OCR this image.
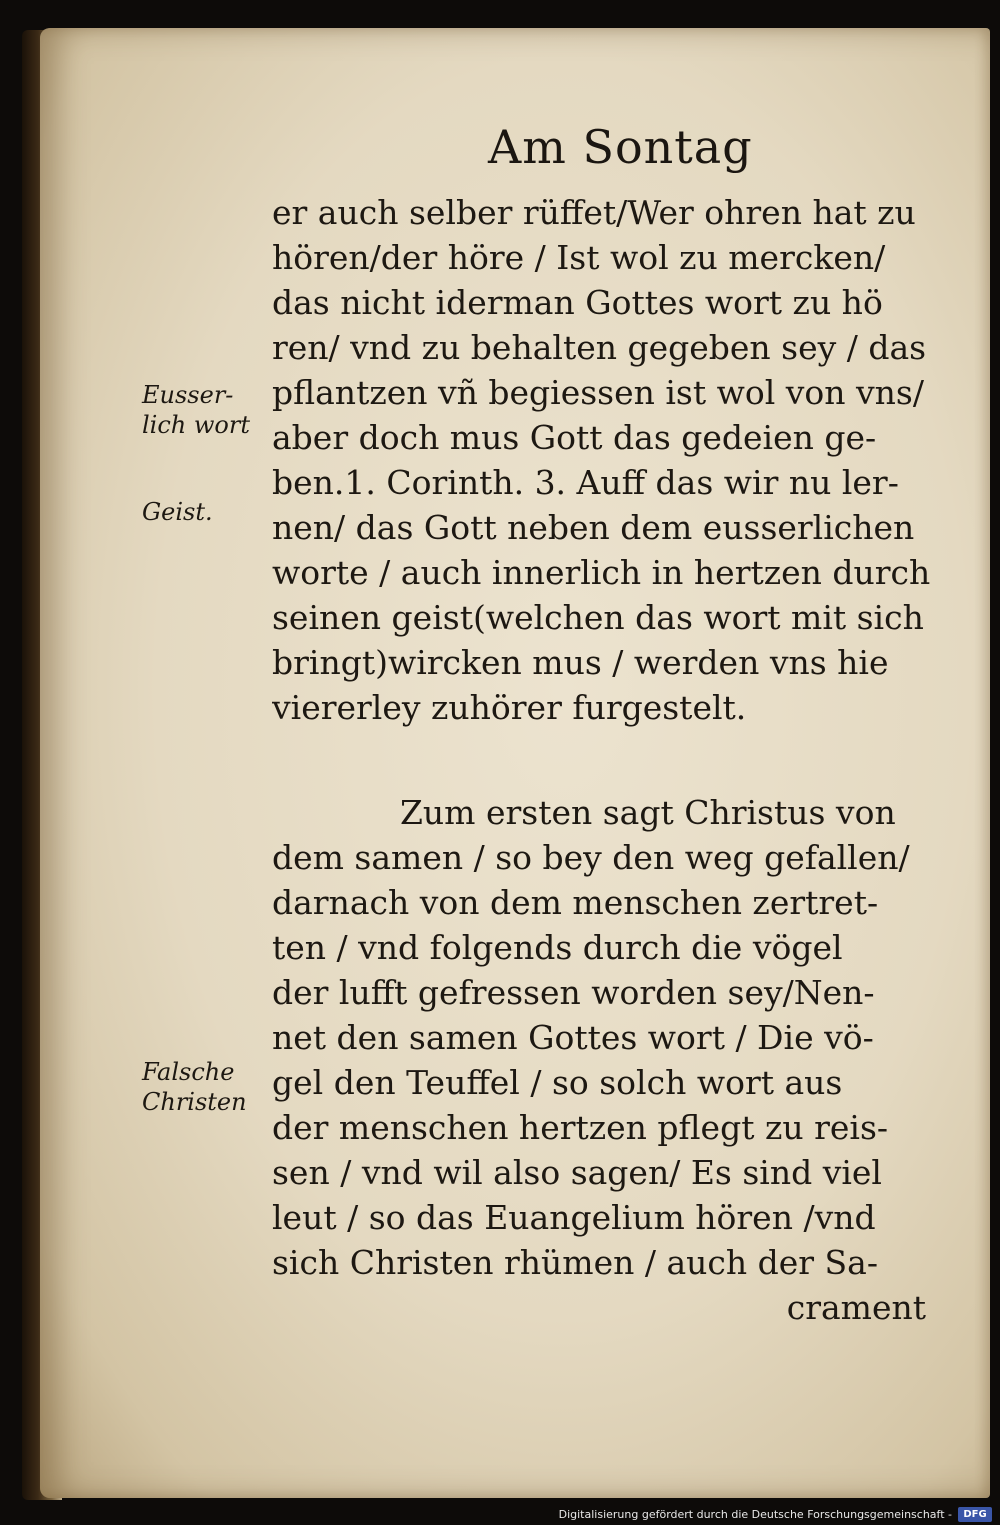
Am Sontag
er auch selber rüffet/Wer ohren hat zu
hören/der höre / Ist wol zu mercken/
das nicht iderman Gottes wort zu hö
ren/ vnd zu behalten gegeben sey / das
pflantzen vñ begiessen ist wol von vns/
aber doch mus Gott das gedeien ge-
ben.1. Corinth. 3. Auff das wir nu ler-
nen/ das Gott neben dem eusserlichen
worte / auch innerlich in hertzen durch
seinen geist(welchen das wort mit sich
bringt)wircken mus / werden vns hie
viererley zuhörer furgestelt.
Zum ersten sagt Christus von
dem samen / so bey den weg gefallen/
darnach von dem menschen zertret-
ten / vnd folgends durch die vögel
der lufft gefressen worden sey/Nen-
net den samen Gottes wort / Die vö-
gel den Teuffel / so solch wort aus
der menschen hertzen pflegt zu reis-
sen / vnd wil also sagen/ Es sind viel
leut / so das Euangelium hören /vnd
sich Christen rhümen / auch der Sa-
crament
Eusser-
lich wort
Geist.
Falsche
Christen
Digitalisierung gefördert durch die Deutsche Forschungsgemeinschaft -	DFG
